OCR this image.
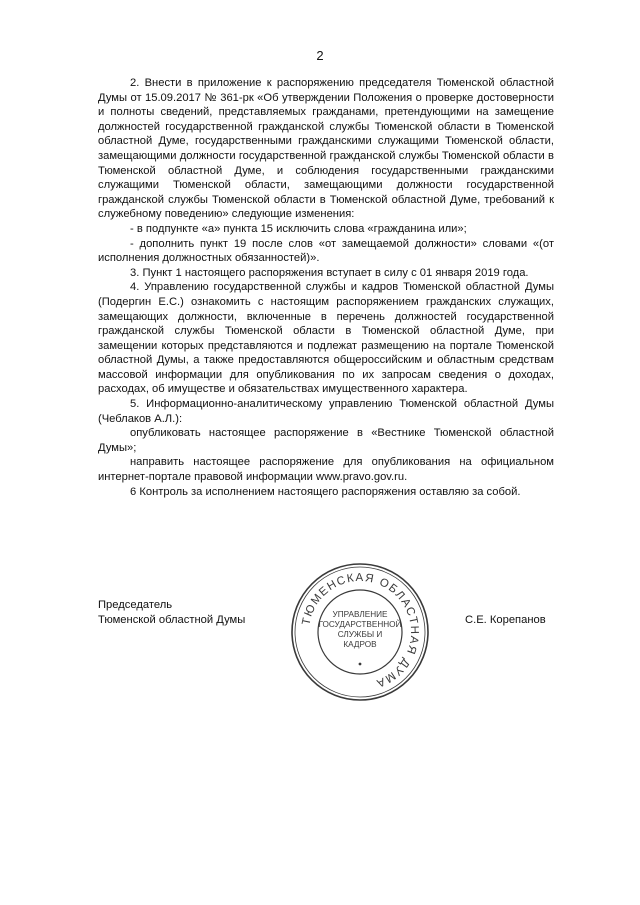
2

2. Внести в приложение к распоряжению председателя Тюменской областной Думы от 15.09.2017 № 361-рк «Об утверждении Положения о проверке достоверности и полноты сведений, представляемых гражданами, претендующими на замещение должностей государственной гражданской службы Тюменской области в Тюменской областной Думе, государственными гражданскими служащими Тюменской области, замещающими должности государственной гражданской службы Тюменской области в Тюменской областной Думе, и соблюдения государственными гражданскими служащими Тюменской области, замещающими должности государственной гражданской службы Тюменской области в Тюменской областной Думе, требований к служебному поведению» следующие изменения:

- в подпункте «а» пункта 15 исключить слова «гражданина или»;

- дополнить пункт 19 после слов «от замещаемой должности» словами «(от исполнения должностных обязанностей)».

3. Пункт 1 настоящего распоряжения вступает в силу с 01 января 2019 года.

4. Управлению государственной службы и кадров Тюменской областной Думы (Подергин Е.С.) ознакомить с настоящим распоряжением гражданских служащих, замещающих должности, включенные в перечень должностей государственной гражданской службы Тюменской области в Тюменской областной Думе, при замещении которых представляются и подлежат размещению на портале Тюменской областной Думы, а также предоставляются общероссийским и областным средствам массовой информации для опубликования по их запросам сведения о доходах, расходах, об имуществе и обязательствах имущественного характера.

5. Информационно-аналитическому управлению Тюменской областной Думы (Чеблаков А.Л.):

опубликовать настоящее распоряжение в «Вестнике Тюменской областной Думы»;

направить настоящее распоряжение для опубликования на официальном интернет-портале правовой информации www.pravo.gov.ru.

6 Контроль за исполнением настоящего распоряжения оставляю за собой.

Председатель
Тюменской областной Думы	С.Е. Корепанов
ТЮМЕНСКАЯ ОБЛАСТНАЯ ДУМА
УПРАВЛЕНИЕ
ГОСУДАРСТВЕННОЙ
СЛУЖБЫ И
КАДРОВ
